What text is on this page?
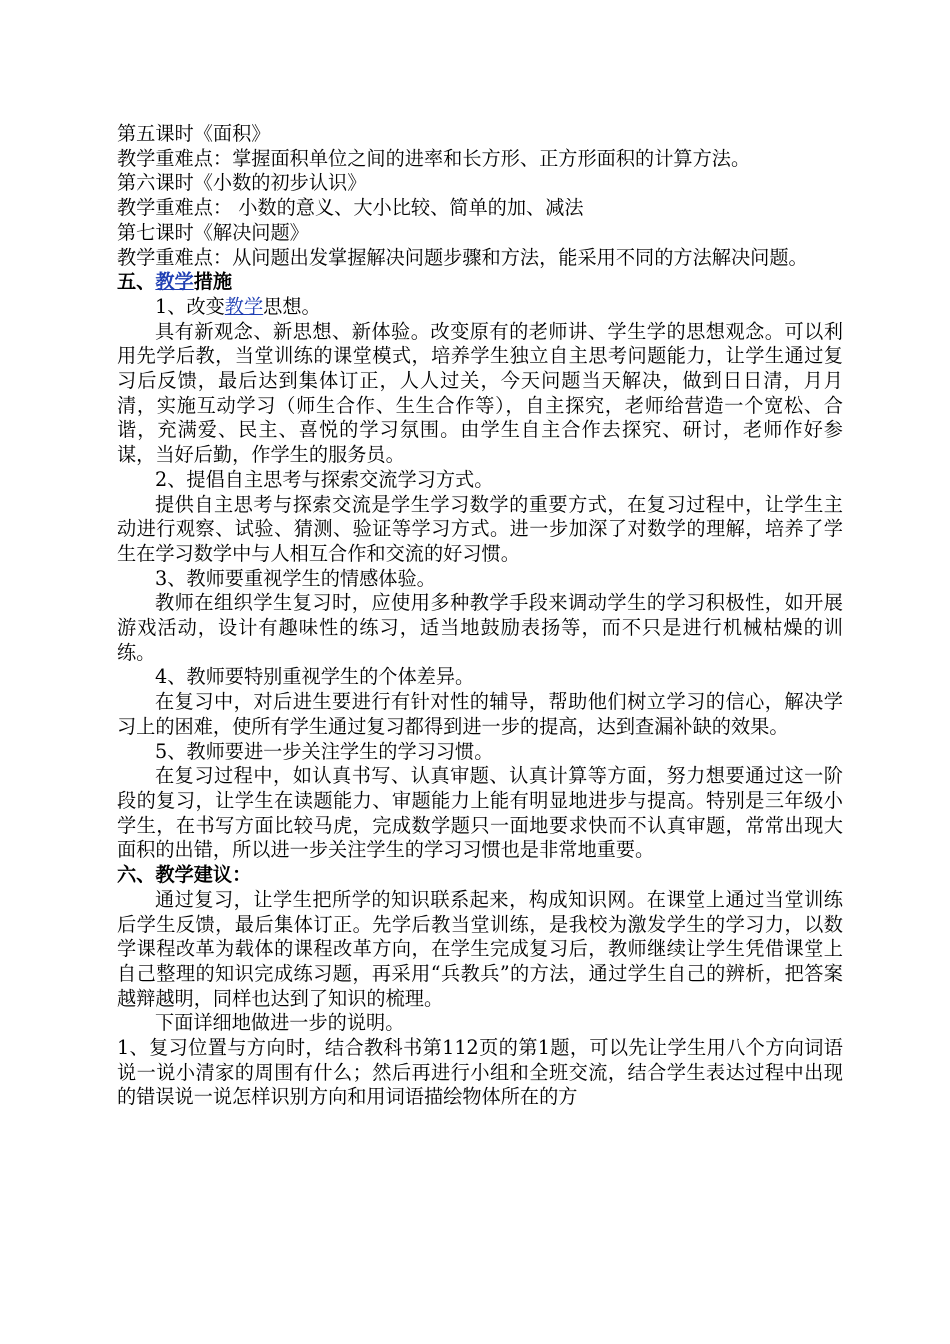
第五课时《面积》
教学重难点：掌握面积单位之间的进率和长方形、正方形面积的计算方法。
第六课时《小数的初步认识》
教学重难点： 小数的意义、大小比较、简单的加、减法
第七课时《解决问题》
教学重难点：从问题出发掌握解决问题步骤和方法，能采用不同的方法解决问题。
五、教学措施
1、改变教学思想。
具有新观念、新思想、新体验。改变原有的老师讲、学生学的思想观念。可以利用先学后教，当堂训练的课堂模式，培养学生独立自主思考问题能力，让学生通过复习后反馈，最后达到集体订正，人人过关，今天问题当天解决，做到日日清，月月清，实施互动学习（师生合作、生生合作等），自主探究，老师给营造一个宽松、合谐，充满爱、民主、喜悦的学习氛围。由学生自主合作去探究、研讨，老师作好参谋，当好后勤，作学生的服务员。
2、提倡自主思考与探索交流学习方式。
提供自主思考与探索交流是学生学习数学的重要方式，在复习过程中，让学生主动进行观察、试验、猜测、验证等学习方式。进一步加深了对数学的理解，培养了学生在学习数学中与人相互合作和交流的好习惯。
3、教师要重视学生的情感体验。
教师在组织学生复习时，应使用多种教学手段来调动学生的学习积极性，如开展游戏活动，设计有趣味性的练习，适当地鼓励表扬等，而不只是进行机械枯燥的训练。
4、教师要特别重视学生的个体差异。
在复习中，对后进生要进行有针对性的辅导，帮助他们树立学习的信心，解决学习上的困难，使所有学生通过复习都得到进一步的提高，达到查漏补缺的效果。
5、教师要进一步关注学生的学习习惯。
在复习过程中，如认真书写、认真审题、认真计算等方面，努力想要通过这一阶段的复习，让学生在读题能力、审题能力上能有明显地进步与提高。特别是三年级小学生，在书写方面比较马虎，完成数学题只一面地要求快而不认真审题，常常出现大面积的出错，所以进一步关注学生的学习习惯也是非常地重要。
六、教学建议：
通过复习，让学生把所学的知识联系起来，构成知识网。在课堂上通过当堂训练后学生反馈，最后集体订正。先学后教当堂训练，是我校为激发学生的学习力，以数学课程改革为载体的课程改革方向，在学生完成复习后，教师继续让学生凭借课堂上自己整理的知识完成练习题，再采用“兵教兵”的方法，通过学生自己的辨析，把答案越辩越明，同样也达到了知识的梳理。
下面详细地做进一步的说明。
1、复习位置与方向时，结合教科书第112页的第1题，可以先让学生用八个方向词语说一说小清家的周围有什么；然后再进行小组和全班交流，结合学生表达过程中出现的错误说一说怎样识别方向和用词语描绘物体所在的方
